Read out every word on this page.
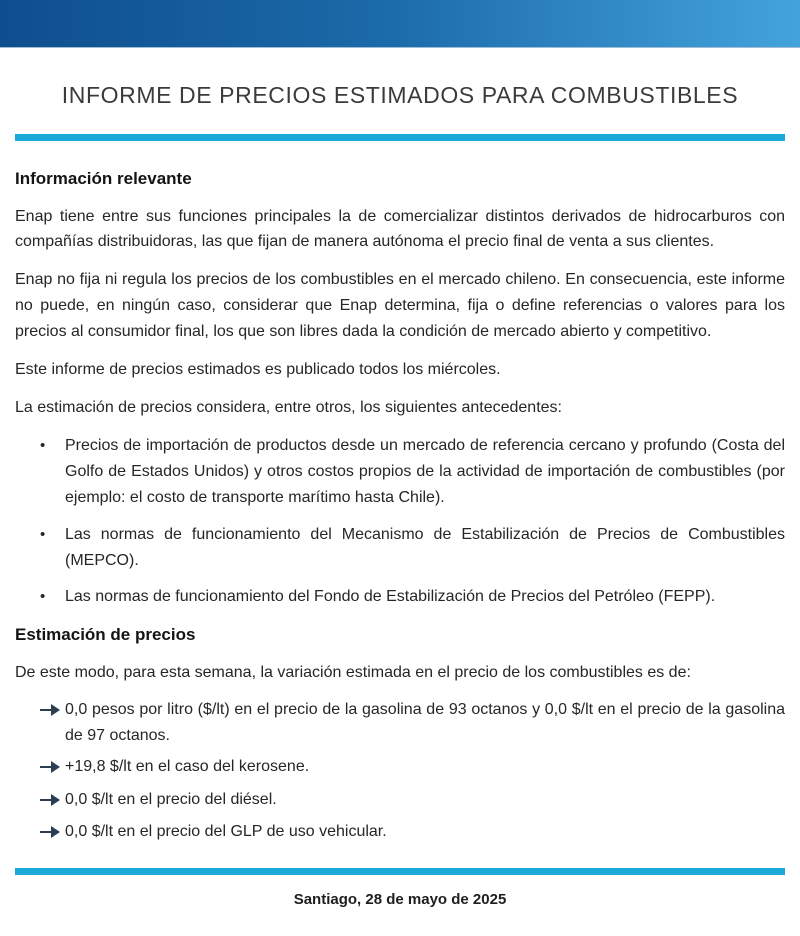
INFORME DE PRECIOS ESTIMADOS PARA COMBUSTIBLES
Información relevante

Enap tiene entre sus funciones principales la de comercializar distintos derivados de hidrocarburos con compañías distribuidoras, las que fijan de manera autónoma el precio final de venta a sus clientes.

Enap no fija ni regula los precios de los combustibles en el mercado chileno. En consecuencia, este informe no puede, en ningún caso, considerar que Enap determina, fija o define referencias o valores para los precios al consumidor final, los que son libres dada la condición de mercado abierto y competitivo.

Este informe de precios estimados es publicado todos los miércoles.

La estimación de precios considera, entre otros, los siguientes antecedentes:

•	Precios de importación de productos desde un mercado de referencia cercano y profundo (Costa del Golfo de Estados Unidos) y otros costos propios de la actividad de importación de combustibles (por ejemplo: el costo de transporte marítimo hasta Chile).
•	Las normas de funcionamiento del Mecanismo de Estabilización de Precios de Combustibles (MEPCO).
•	Las normas de funcionamiento del Fondo de Estabilización de Precios del Petróleo (FEPP).
Estimación de precios

De este modo, para esta semana, la variación estimada en el precio de los combustibles es de:

0,0 pesos por litro ($/lt) en el precio de la gasolina de 93 octanos y 0,0 $/lt en el precio de la gasolina de 97 octanos.
+19,8 $/lt en el caso del kerosene.
0,0 $/lt en el precio del diésel.
0,0 $/lt en el precio del GLP de uso vehicular.
Santiago, 28 de mayo de 2025
